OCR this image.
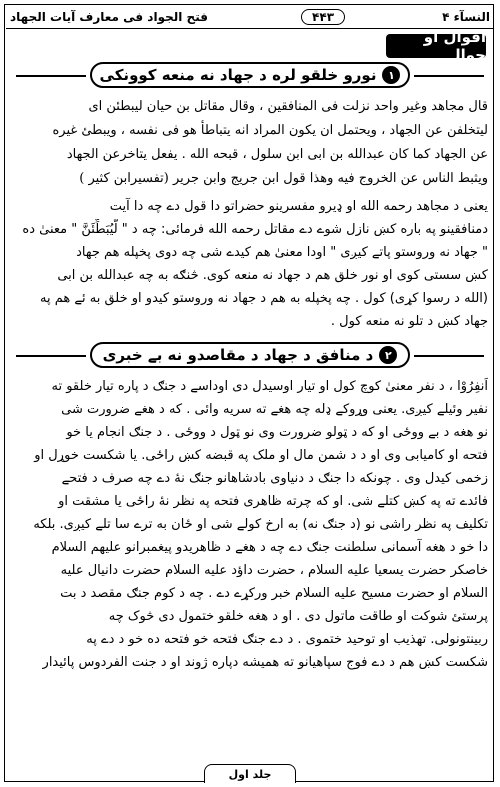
النسآء ۴
۴۴۳
فتح الجواد فی معارف آیات الجهاد
اقوال او حوالے
۱
نورو خلقو لره د جهاد نه منعه کوونکی
قال مجاهد وغیر واحد نزلت فی المنافقین ، وقال مقاتل بن حیان لیبطئن ای
لیتخلفن عن الجهاد ، ویحتمل ان یکون المراد انه یتباطأ هو فی نفسه ، ویبطئ غیره
عن الجهاد کما کان عبدالله بن ابی ابن سلول ، قبحه الله . یفعل یتاخرعن الجهاد
ویثبط الناس عن الخروج فیه وهذا قول ابن جریج وابن جریر (تفسیرابن کثیر )
یعنی د مجاهد رحمه الله او ډیرو مفسرینو حضراتو دا قول دے چه دا آیت
دمنافقینو په باره کښ نازل شوے دے مقاتل رحمه الله فرمائی: چه د " لَّيُبَطِّئَنَّ " معنیٰ ده
" جهاد نه وروستو پاتے کیږی " اودا معنیٰ هم کیدے شی چه دوی پخپله هم جهاد
کښ سستی کوی او نور خلق هم د جهاد نه منعه کوی. څنګه به چه عبدالله بن ابی
(الله د رسوا کړی) کول . چه پخپله به هم د جهاد نه وروستو کیدو او خلق به ئے هم په
جهاد کښ د تلو نه منعه کول .
۲
د منافق د جهاد د مقاصدو نه بے خبری
اَنفِرُوْا ، د نفر معنیٰ کوچ کول او تیار اوسیدل دی اوداسے د جنګ د پاره تیار خلقو ته
نفیر وئیلے کیږی. یعنی وړوکے ډله چه هغے ته سریه وائی . که د هغے ضرورت شی
نو هغه د بے ووځی او که د ټولو ضرورت وی نو ټول د ووځی . د جنګ انجام یا خو
فتحه او کامیابی وی او د د شمن مال او ملک په قبضه کښ راځی. یا شکست خوړل او
زخمی کیدل وی . چونکه دا جنګ د دنیاوی بادشاهانو جنګ نهٔ دے چه صرف د فتحے
فائدے ته په کښ کتلے شی. او که چرته ظاهری فتحه په نظر نهٔ راځی یا مشقت او
تکلیف په نظر راشی نو (د جنګ نه) به ارخ کولے شی او ځان به ترے سا تلے کیږی. بلکه
دا خو د هغه آسمانی سلطنت جنګ دے چه د هغے د ظاهریدو پیغمبرانو علیهم السلام
خاصکر حضرت یسعیا علیه السلام ، حضرت داؤد علیه السلام حضرت دانیال علیه
السلام او حضرت مسیح علیه السلام خبر ورکړے دے . چه د کوم جنګ مقصد د بت
پرستئ شوکت او طاقت ماتول دی . او د هغه خلقو ختمول دی څوک چه
ربینتونولی. تهذیب او توحید ختموی . د دے جنګ فتحه خو فتحه ده خو د دے په
شکست کښ هم د دے فوج سپاهیانو ته همیشه دپاره ژوند او د جنت الفردوس پائیدار
جلد اول
